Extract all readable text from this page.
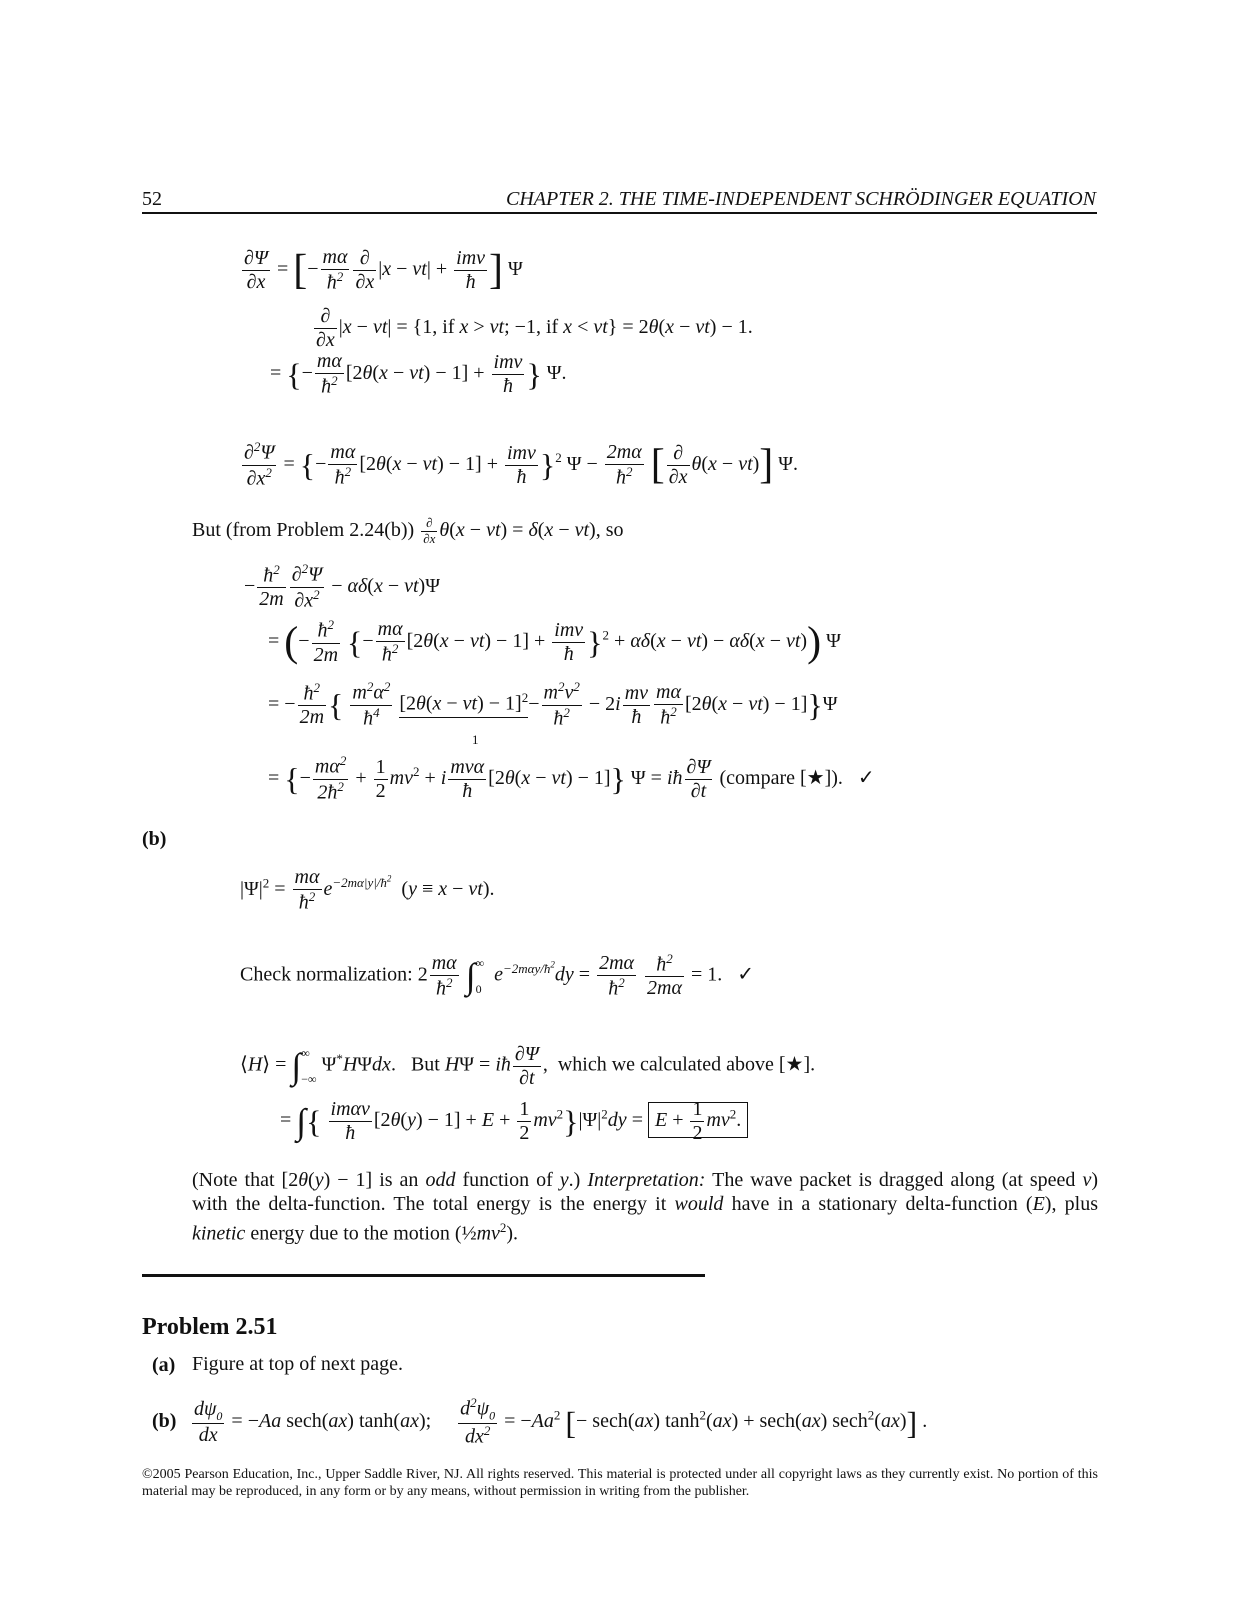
52	CHAPTER 2. THE TIME-INDEPENDENT SCHRÖDINGER EQUATION
$\frac{\partial\Psi}{\partial x}$ = [− $\frac{m\alpha}{ħ^2} \frac{\partial}{\partial x} |x - vt| + \frac{\text{imv}}{ħ}$ ] Ψ
$\frac{\partial}{\partial x} |x - vt| = \{1$, if x > vt; −1, if x < vt} = 2θ(x − vt) − 1.
= {− $\frac{m\alpha}{ħ^2} [2\theta(x - vt) - 1] + \frac{\text{imv}}{ħ}$ } Ψ.
$\frac{\partial^2\Psi}{\partial x^2}$ = {− $\frac{m\alpha}{ħ^2} [2\theta(x - vt) - 1] + \frac{\text{imv}}{ħ} \}^2$ $\Psi - \frac{2m\alpha}{ħ^2}$ [ $\frac{\partial}{\partial x} \theta(x - vt)$] Ψ.
But (from Problem $2.24(b)) \frac{\partial}{\partial x} \theta(x - vt) = \delta(x - vt)$, so
− $\frac{ħ^2}{2m} \frac{\partial^2\Psi}{\partial x^2} - \alpha\delta(x - vt)\Psi$
= (− $\frac{ħ^2}{2m}$ {− $\frac{m\alpha}{ħ^2} [2\theta(x - vt) - 1] + \frac{\text{imv}}{ħ} \}^2 + \alpha\delta(x - vt) - \alpha\delta(x - vt)$) Ψ
= − $\frac{ħ^2}{2m}$ { $\frac{m^2\alpha^2}{ħ^4} [2\theta(x - vt) - 1]^2- \frac{m^2v^2}{ħ^2} - 2i \frac{mv}{ħ} \frac{m\alpha}{ħ^2} [2\theta(x - vt) - 1]\}\Psi$
1
= {− $\frac{m\alpha^2}{2ħ^2} + \frac{1}{2} mv^2 + i \frac{\text{mvα}}{ħ} [2\theta(x - vt) - 1]$} Ψ = iħ $\frac{\partial\Psi}{\partial t}$ (compare [★]).   ✓
(b)
$|\Psi|^2 = \frac{m\alpha}{ħ^2} e^{-2m\alpha|y|/ħ^2}$  (y ≡ x − vt).
Check normalization: $2 \frac{m\alpha}{ħ^2}$ ∫∞
0  $e^{-2m\alpha y/ħ^2}dy = \frac{2m\alpha}{ħ^2}$
$\frac{ħ^2}{2m\alpha} = 1$.   ✓
⟨H⟩ = ∫∞
−∞ Ψ*HΨdx.   But HΨ = iħ $\frac{\partial\Psi}{\partial t}$ ,  which we calculated above [★].
= ∫{ $\frac{\text{imαv}}{ħ} [2\theta(y) - 1] + E + \frac{1}{2} mv^2\}|\Psi|^2dy = E + \frac{1}{2} mv^2$.
(Note that [2θ(y) − 1] is an odd function of y.) Interpretation: The wave packet is dragged along (at speed v) with the delta-function. The total energy is the energy it would have in a stationary delta-function (E), plus kinetic energy due to the motion $(\frac{1}{2}mv^2)$.
Problem 2.51
(a) Figure at top of next page.
$(b) \frac{d\psi_0}{dx} = -Aa$ sech(ax) tanh(ax); $\frac{d^2\psi_0}{dx^2} = -Aa^2$ [− sech(ax) $\tanh^2(ax) + \sec h(ax)$ sech$^2$(ax)] .
©2005 Pearson Education, Inc., Upper Saddle River, NJ. All rights reserved. This material is protected under all copyright laws as they currently exist. No portion of this material may be reproduced, in any form or by any means, without permission in writing from the publisher.
